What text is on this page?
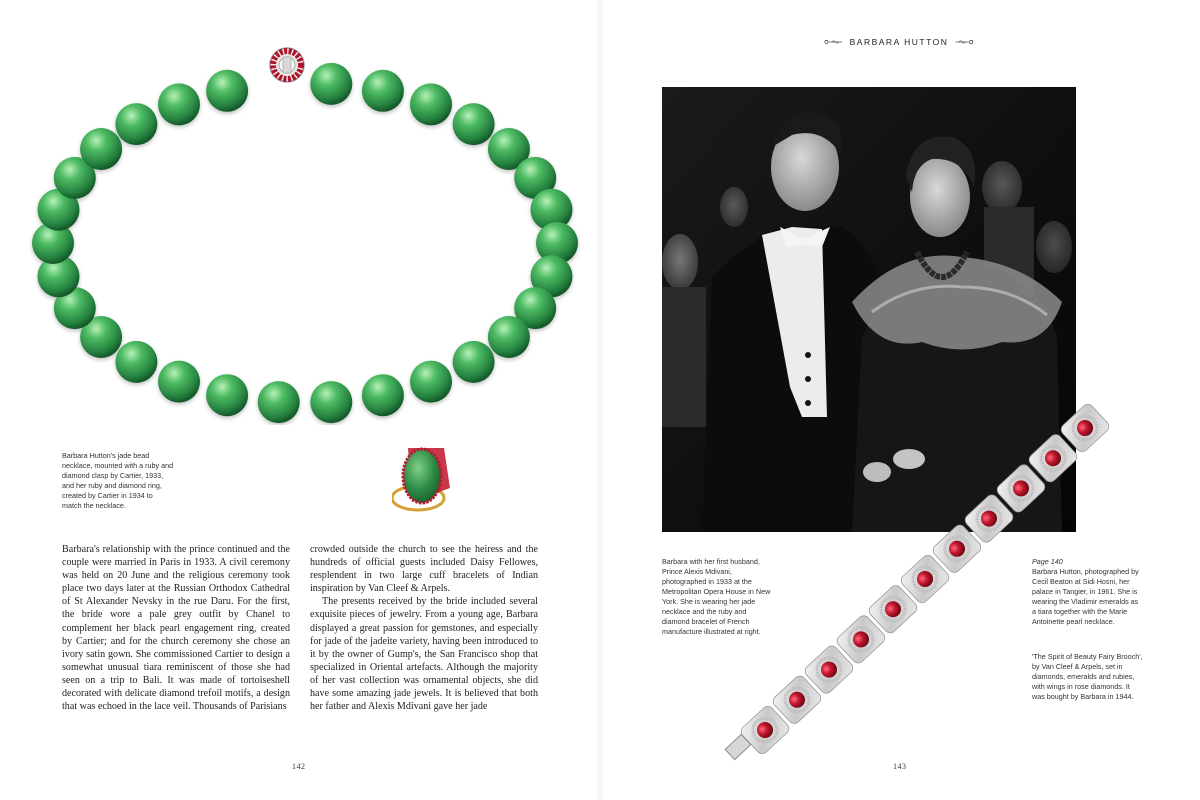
Barbara Hutton's jade bead necklace, mounted with a ruby and diamond clasp by Cartier, 1933, and her ruby and diamond ring, created by Cartier in 1934 to match the necklace.

Barbara's relationship with the prince continued and the couple were married in Paris in 1933. A civil ceremony was held on 20 June and the religious ceremony took place two days later at the Russian Orthodox Cathedral of St Alexander Nevsky in the rue Daru. For the first, the bride wore a pale grey outfit by Chanel to complement her black pearl engagement ring, created by Cartier; and for the church ceremony she chose an ivory satin gown. She commissioned Cartier to design a somewhat unusual tiara reminiscent of those she had seen on a trip to Bali. It was made of tortoiseshell decorated with delicate diamond trefoil motifs, a design that was echoed in the lace veil. Thousands of Parisians

crowded outside the church to see the heiress and the hundreds of official guests included Daisy Fellowes, resplendent in two large cuff bracelets of Indian inspiration by Van Cleef & Arpels.

The presents received by the bride included several exquisite pieces of jewelry. From a young age, Barbara displayed a great passion for gemstones, and especially for jade of the jadeite variety, having been introduced to it by the owner of Gump's, the San Francisco shop that specialized in Oriental artefacts. Although the majority of her vast collection was ornamental objects, she did have some amazing jade jewels. It is believed that both her father and Alexis Mdivani gave her jade

142
BARBARA HUTTON

Barbara with her first husband, Prince Alexis Mdivani, photographed in 1933 at the Metropolitan Opera House in New York. She is wearing her jade necklace and the ruby and diamond bracelet of French manufacture illustrated at right.

Page 140
Barbara Hutton, photographed by Cecil Beaton at Sidi Hosni, her palace in Tangier, in 1961. She is wearing the Vladimir emeralds as a tiara together with the Marie Antoinette pearl necklace.

'The Spirit of Beauty Fairy Brooch', by Van Cleef & Arpels, set in diamonds, emeralds and rubies, with wings in rose diamonds. It was bought by Barbara in 1944.

143
